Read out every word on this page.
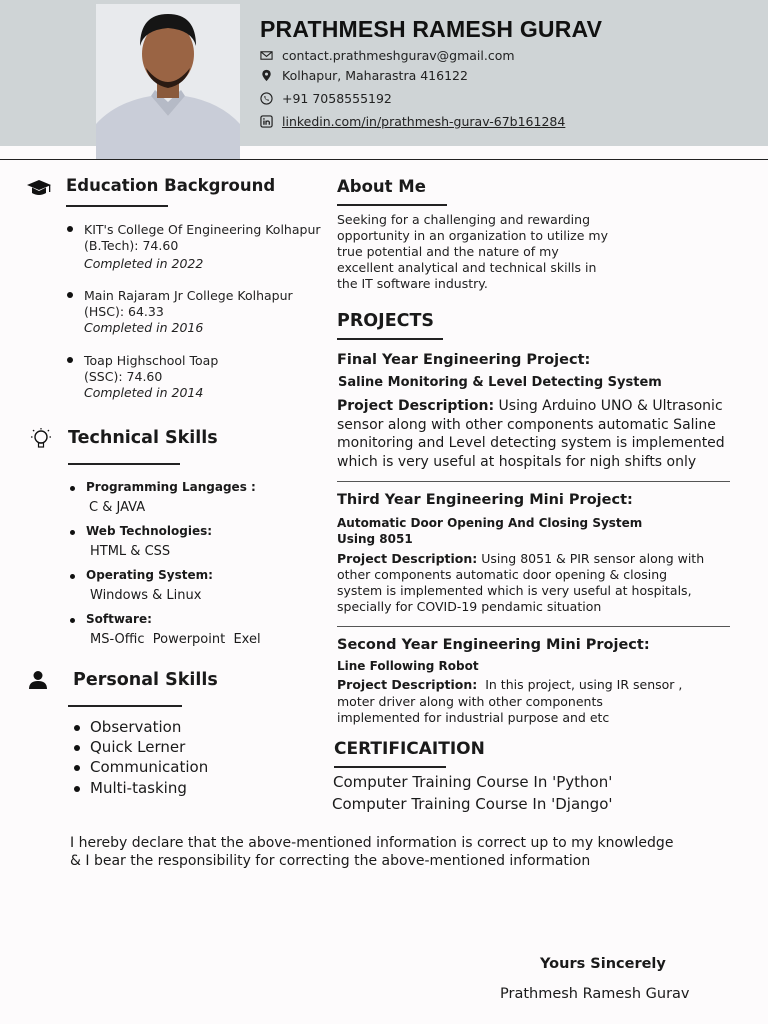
PRATHMESH RAMESH GURAV
contact.prathmeshgurav@gmail.com
Kolhapur, Maharastra 416122
+91 7058555192
linkedin.com/in/prathmesh-gurav-67b161284
Education Background
KIT's College Of Engineering Kolhapur
(B.Tech): 74.60
Completed in 2022
Main Rajaram Jr College Kolhapur
(HSC): 64.33
Completed in 2016
Toap Highschool Toap
(SSC): 74.60
Completed in 2014
Technical Skills
Programming Langages :
C & JAVA
Web Technologies:
HTML & CSS
Operating System:
Windows & Linux
Software:
MS-Offic  Powerpoint  Exel
Personal Skills
Observation
Quick Lerner
Communication
Multi-tasking
About Me
Seeking for a challenging and rewarding
opportunity in an organization to utilize my
true potential and the nature of my
excellent analytical and technical skills in
the IT software industry.
PROJECTS
Final Year Engineering Project:
Saline Monitoring & Level Detecting System
Project Description: Using Arduino UNO & Ultrasonic
sensor along with other components automatic Saline
monitoring and Level detecting system is implemented
which is very useful at hospitals for nigh shifts only
Third Year Engineering Mini Project:
Automatic Door Opening And Closing System
Using 8051
Project Description: Using 8051 & PIR sensor along with
other components automatic door opening & closing
system is implemented which is very useful at hospitals,
specially for COVID-19 pendamic situation
Second Year Engineering Mini Project:
Line Following Robot
Project Description:  In this project, using IR sensor ,
moter driver along with other components
implemented for industrial purpose and etc
CERTIFICAITION
Computer Training Course In 'Python'
Computer Training Course In 'Django'
I hereby declare that the above-mentioned information is correct up to my knowledge
& I bear the responsibility for correcting the above-mentioned information
Yours Sincerely
Prathmesh Ramesh Gurav
